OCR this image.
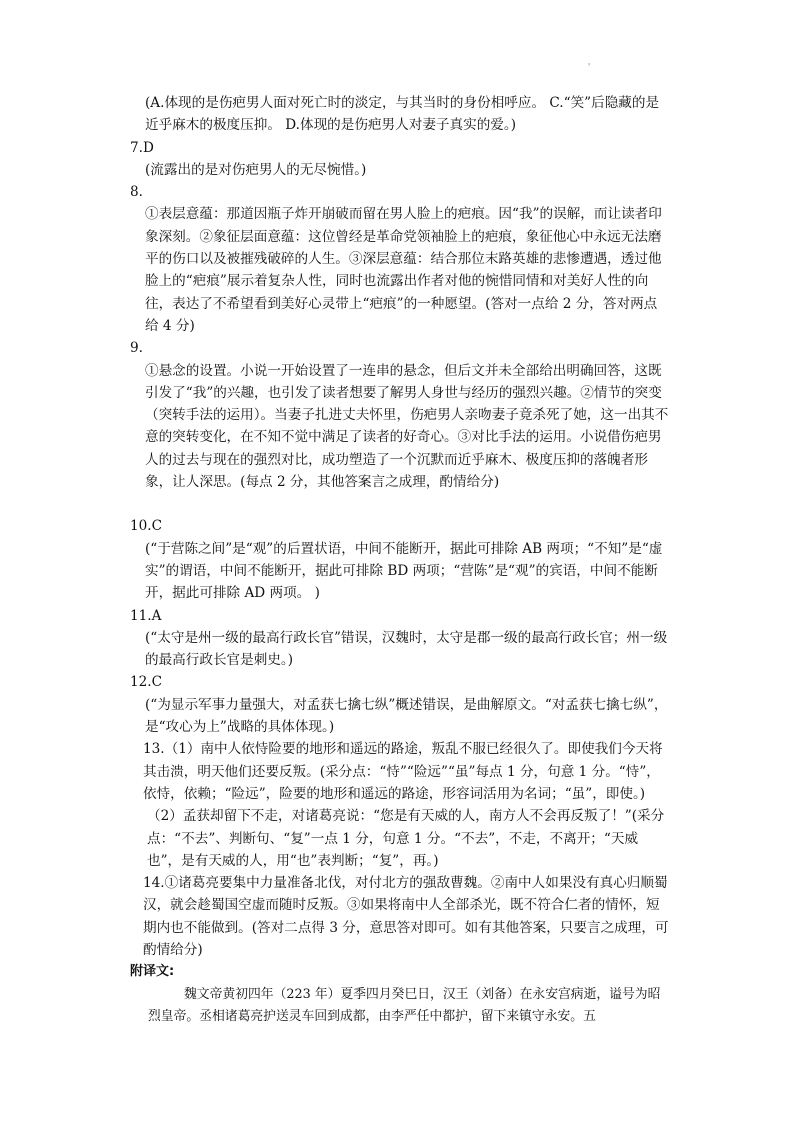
'

(A.体现的是伤疤男人面对死亡时的淡定，与其当时的身份相呼应。 C.“笑”后隐藏的是近乎麻木的极度压抑。 D.体现的是伤疤男人对妻子真实的爱。)

7.D

(流露出的是对伤疤男人的无尽惋惜。)

8.

①表层意蕴：那道因瓶子炸开崩破而留在男人脸上的疤痕。因“我”的误解，而让读者印象深刻。②象征层面意蕴：这位曾经是革命党领袖脸上的疤痕，象征他心中永远无法磨平的伤口以及被摧残破碎的人生。③深层意蕴：结合那位末路英雄的悲惨遭遇，透过他脸上的“疤痕”展示着复杂人性，同时也流露出作者对他的惋惜同情和对美好人性的向往，表达了不希望看到美好心灵带上“疤痕”的一种愿望。(答对一点给 2 分，答对两点给 4 分)

9.

①悬念的设置。小说一开始设置了一连串的悬念，但后文并未全部给出明确回答，这既引发了“我”的兴趣，也引发了读者想要了解男人身世与经历的强烈兴趣。②情节的突变（突转手法的运用）。当妻子扎进丈夫怀里，伤疤男人亲吻妻子竟杀死了她，这一出其不意的突转变化，在不知不觉中满足了读者的好奇心。③对比手法的运用。小说借伤疤男人的过去与现在的强烈对比，成功塑造了一个沉默而近乎麻木、极度压抑的落魄者形象，让人深思。(每点 2 分，其他答案言之成理，酌情给分)

10.C

(“于营陈之间”是“观”的后置状语，中间不能断开，据此可排除 AB 两项；“不知”是“虚实”的谓语，中间不能断开，据此可排除 BD 两项；“营陈”是“观”的宾语，中间不能断开，据此可排除 AD 两项。 )

11.A

(“太守是州一级的最高行政长官”错误，汉魏时，太守是郡一级的最高行政长官；州一级的最高行政长官是刺史。)

12.C

(“为显示军事力量强大，对孟获七擒七纵”概述错误，是曲解原文。“对孟获七擒七纵”，是“攻心为上”战略的具体体现。)

13.（1）南中人依恃险要的地形和遥远的路途，叛乱不服已经很久了。即使我们今天将其击溃，明天他们还要反叛。(采分点：“恃”“险远”“虽”每点 1 分，句意 1 分。“恃”，依恃，依赖；“险远”，险要的地形和遥远的路途，形容词活用为名词；“虽”，即使。)

（2）孟获却留下不走，对诸葛亮说：“您是有天威的人，南方人不会再反叛了！”(采分点：“不去”、判断句、“复”一点 1 分，句意 1 分。“不去”，不走，不离开；“天威也”，是有天威的人，用“也”表判断；“复”，再。)

14.①诸葛亮要集中力量准备北伐，对付北方的强敌曹魏。②南中人如果没有真心归顺蜀汉，就会趁蜀国空虚而随时反叛。③如果将南中人全部杀光，既不符合仁者的情怀，短期内也不能做到。(答对二点得 3 分，意思答对即可。如有其他答案，只要言之成理，可酌情给分)

附译文:

魏文帝黄初四年（223 年）夏季四月癸巳日，汉王（刘备）在永安宫病逝，谥号为昭烈皇帝。丞相诸葛亮护送灵车回到成都，由李严任中都护，留下来镇守永安。五
